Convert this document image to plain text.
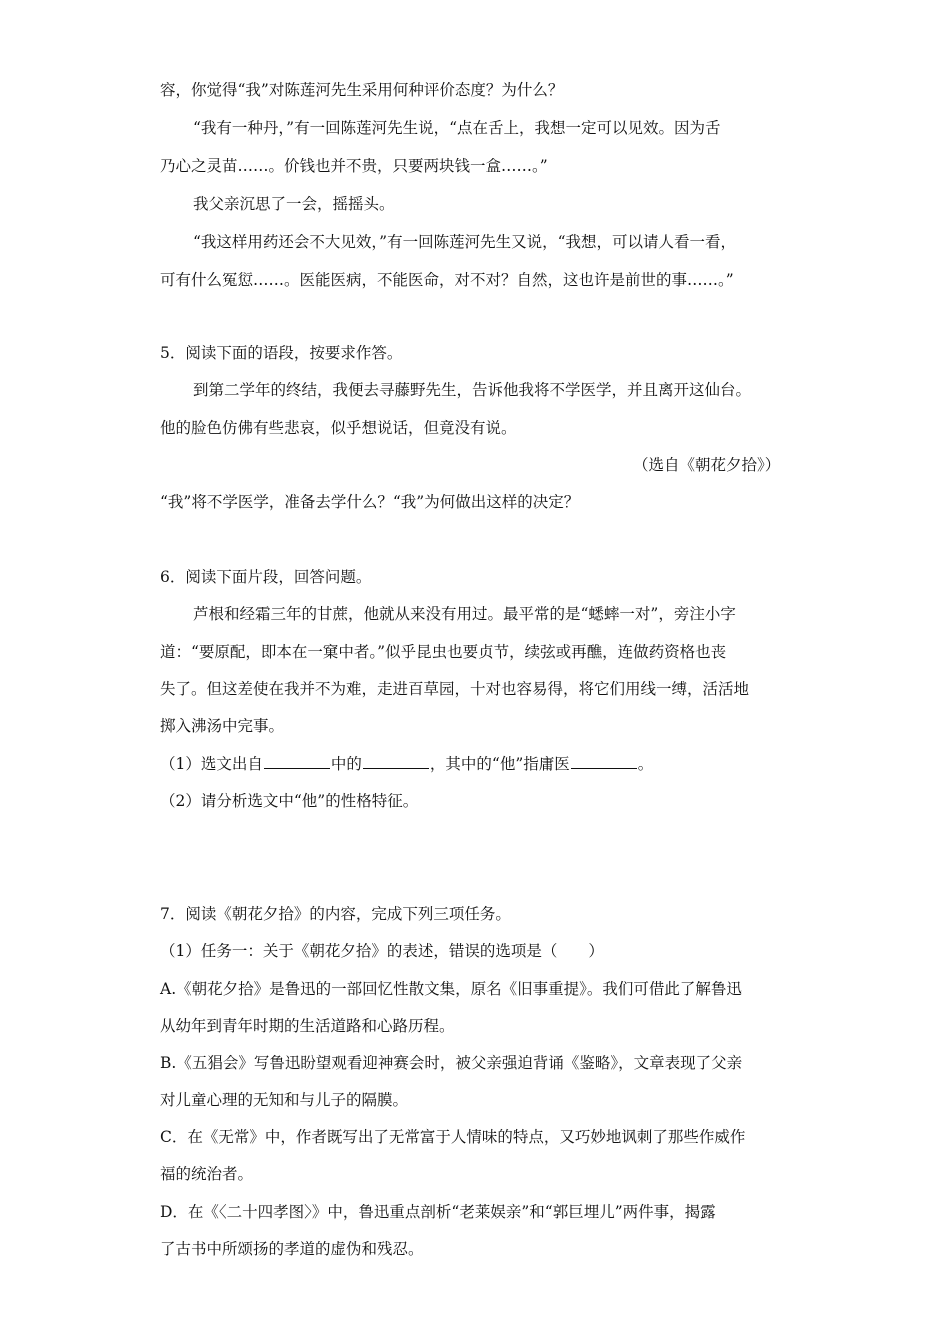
容，你觉得“我”对陈莲河先生采用何种评价态度？为什么？
“我有一种丹，”有一回陈莲河先生说，“点在舌上，我想一定可以见效。因为舌
乃心之灵苗……。价钱也并不贵，只要两块钱一盒……。”
我父亲沉思了一会，摇摇头。
“我这样用药还会不大见效，”有一回陈莲河先生又说，“我想，可以请人看一看，
可有什么冤愆……。医能医病，不能医命，对不对？自然，这也许是前世的事……。”
5．阅读下面的语段，按要求作答。
到第二学年的终结，我便去寻藤野先生，告诉他我将不学医学，并且离开这仙台。
他的脸色仿佛有些悲哀，似乎想说话，但竟没有说。
（选自《朝花夕拾》）
“我”将不学医学，准备去学什么？“我”为何做出这样的决定？
6．阅读下面片段，回答问题。
芦根和经霜三年的甘蔗，他就从来没有用过。最平常的是“蟋蟀一对”，旁注小字
道：“要原配，即本在一窠中者。”似乎昆虫也要贞节，续弦或再醮，连做药资格也丧
失了。但这差使在我并不为难，走进百草园，十对也容易得，将它们用线一缚，活活地
掷入沸汤中完事。
（1）选文出自	中的	，其中的“他”指庸医	。
（2）请分析选文中“他”的性格特征。
7．阅读《朝花夕拾》的内容，完成下列三项任务。
（1）任务一：关于《朝花夕拾》的表述，错误的选项是（　　）
A.《朝花夕拾》是鲁迅的一部回忆性散文集，原名《旧事重提》。我们可借此了解鲁迅
从幼年到青年时期的生活道路和心路历程。
B.《五猖会》写鲁迅盼望观看迎神赛会时，被父亲强迫背诵《鉴略》，文章表现了父亲
对儿童心理的无知和与儿子的隔膜。
C．在《无常》中，作者既写出了无常富于人情味的特点，又巧妙地讽刺了那些作威作
福的统治者。
D．在《〈二十四孝图〉》中，鲁迅重点剖析“老莱娱亲”和“郭巨埋儿”两件事，揭露
了古书中所颂扬的孝道的虚伪和残忍。
